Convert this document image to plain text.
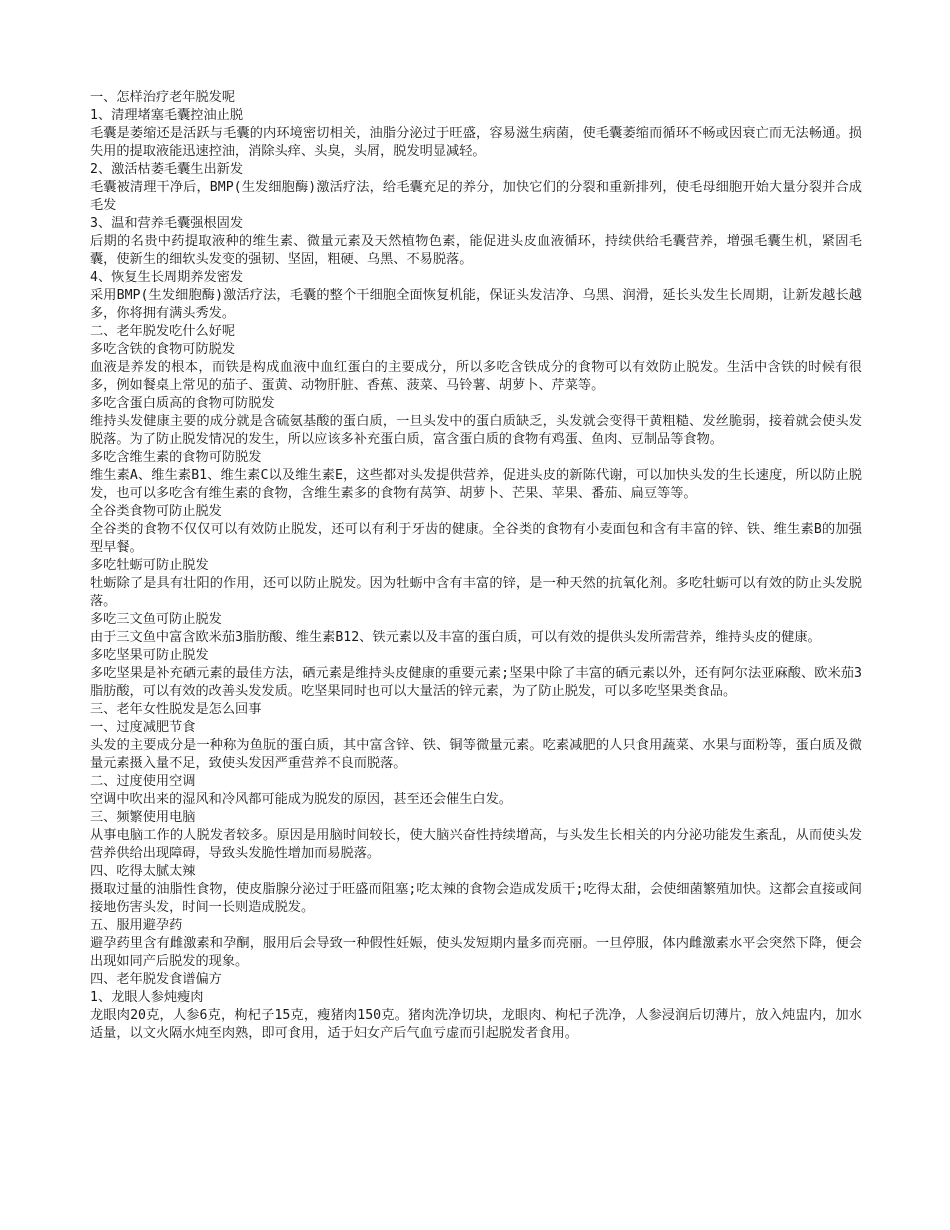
一、怎样治疗老年脱发呢
1、清理堵塞毛囊控油止脱
毛囊是萎缩还是活跃与毛囊的内环境密切相关，油脂分泌过于旺盛，容易滋生病菌，使毛囊萎缩而循环不畅或因衰亡而无法畅通。损失用的提取液能迅速控油，消除头痒、头臭，头屑，脱发明显减轻。
2、激活枯萎毛囊生出新发
毛囊被清理干净后，BMP(生发细胞酶)激活疗法，给毛囊充足的养分，加快它们的分裂和重新排列，使毛母细胞开始大量分裂并合成毛发
3、温和营养毛囊强根固发
后期的名贵中药提取液种的维生素、微量元素及天然植物色素，能促进头皮血液循环，持续供给毛囊营养，增强毛囊生机，紧固毛囊，使新生的细软头发变的强韧、坚固，粗硬、乌黑、不易脱落。
4、恢复生长周期养发密发
采用BMP(生发细胞酶)激活疗法，毛囊的整个干细胞全面恢复机能，保证头发洁净、乌黑、润滑，延长头发生长周期，让新发越长越多，你将拥有满头秀发。
二、老年脱发吃什么好呢
多吃含铁的食物可防脱发
血液是养发的根本，而铁是构成血液中血红蛋白的主要成分，所以多吃含铁成分的食物可以有效防止脱发。生活中含铁的时候有很多，例如餐桌上常见的茄子、蛋黄、动物肝脏、香蕉、菠菜、马铃薯、胡萝卜、芹菜等。
多吃含蛋白质高的食物可防脱发
维持头发健康主要的成分就是含硫氨基酸的蛋白质，一旦头发中的蛋白质缺乏，头发就会变得干黄粗糙、发丝脆弱，接着就会使头发脱落。为了防止脱发情况的发生，所以应该多补充蛋白质，富含蛋白质的食物有鸡蛋、鱼肉、豆制品等食物。
多吃含维生素的食物可防脱发
维生素A、维生素B1、维生素C以及维生素E，这些都对头发提供营养，促进头皮的新陈代谢，可以加快头发的生长速度，所以防止脱发，也可以多吃含有维生素的食物，含维生素多的食物有莴笋、胡萝卜、芒果、苹果、番茄、扁豆等等。
全谷类食物可防止脱发
全谷类的食物不仅仅可以有效防止脱发，还可以有利于牙齿的健康。全谷类的食物有小麦面包和含有丰富的锌、铁、维生素B的加强型早餐。
多吃牡蛎可防止脱发
牡蛎除了是具有壮阳的作用，还可以防止脱发。因为牡蛎中含有丰富的锌，是一种天然的抗氧化剂。多吃牡蛎可以有效的防止头发脱落。
多吃三文鱼可防止脱发
由于三文鱼中富含欧米茄3脂肪酸、维生素B12、铁元素以及丰富的蛋白质，可以有效的提供头发所需营养，维持头皮的健康。
多吃坚果可防止脱发
多吃坚果是补充硒元素的最佳方法，硒元素是维持头皮健康的重要元素;坚果中除了丰富的硒元素以外，还有阿尔法亚麻酸、欧米茄3脂肪酸，可以有效的改善头发发质。吃坚果同时也可以大量活的锌元素，为了防止脱发，可以多吃坚果类食品。
三、老年女性脱发是怎么回事
一、过度减肥节食
头发的主要成分是一种称为鱼朊的蛋白质，其中富含锌、铁、铜等微量元素。吃素减肥的人只食用蔬菜、水果与面粉等，蛋白质及微量元素摄入量不足，致使头发因严重营养不良而脱落。
二、过度使用空调
空调中吹出来的湿风和冷风都可能成为脱发的原因，甚至还会催生白发。
三、频繁使用电脑
从事电脑工作的人脱发者较多。原因是用脑时间较长，使大脑兴奋性持续增高，与头发生长相关的内分泌功能发生紊乱，从而使头发营养供给出现障碍，导致头发脆性增加而易脱落。
四、吃得太腻太辣
摄取过量的油脂性食物，使皮脂腺分泌过于旺盛而阻塞;吃太辣的食物会造成发质干;吃得太甜，会使细菌繁殖加快。这都会直接或间接地伤害头发，时间一长则造成脱发。
五、服用避孕药
避孕药里含有雌激素和孕酮，服用后会导致一种假性妊娠，使头发短期内量多而亮丽。一旦停服，体内雌激素水平会突然下降，便会出现如同产后脱发的现象。
四、老年脱发食谱偏方
1、龙眼人参炖瘦肉
龙眼肉20克，人参6克，枸杞子15克，瘦猪肉150克。猪肉洗净切块，龙眼肉、枸杞子洗净，人参浸润后切薄片，放入炖盅内，加水适量，以文火隔水炖至肉熟，即可食用，适于妇女产后气血亏虚而引起脱发者食用。
